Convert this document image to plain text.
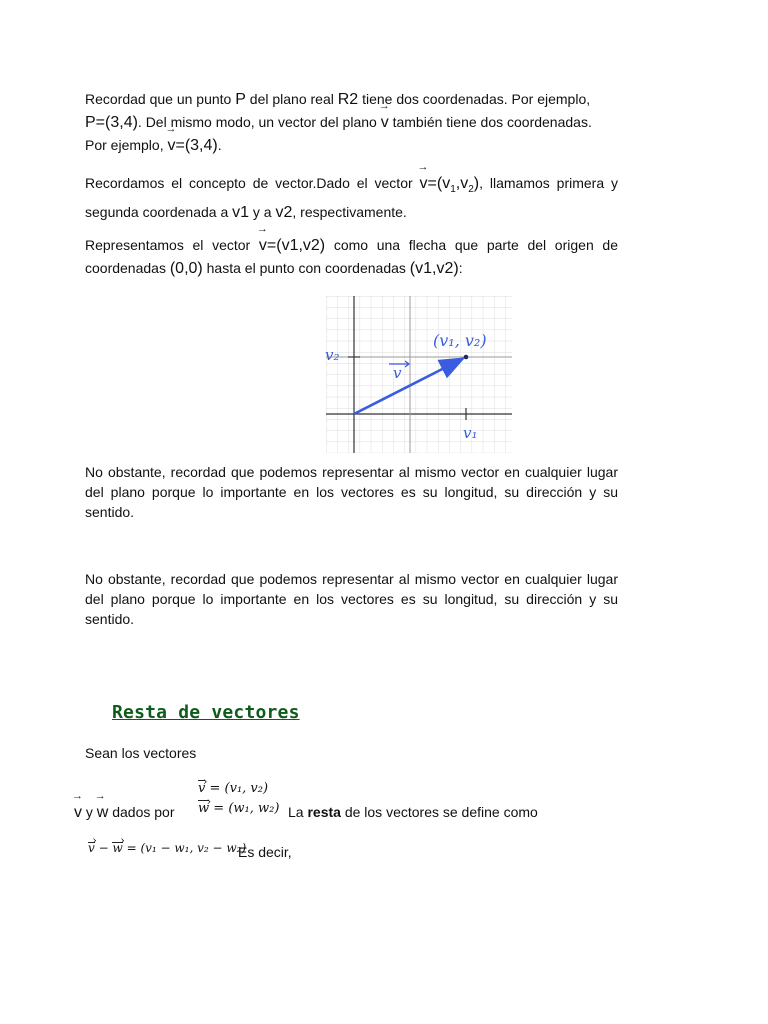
Recordad que un punto P del plano real R2 tiene dos coordenadas. Por ejemplo,
P=(3,4). Del mismo modo, un vector del plano → v también tiene dos coordenadas.
Por ejemplo, → v=(3,4).
Recordamos el concepto de vector.Dado el vector → $v=(v_1,v_2)$, llamamos primera y segunda coordenada a v1 y a v2, respectivamente.
Representamos el vector → v=(v1,v2) como una flecha que parte del origen de coordenadas (0,0) hasta el punto con coordenadas (v1,v2):
𝑣₂
𝑣₁
𝑣
(𝑣₁, 𝑣₂)
No obstante, recordad que podemos representar al mismo vector en cualquier lugar del plano porque lo importante en los vectores es su longitud, su dirección y su sentido.
No obstante, recordad que podemos representar al mismo vector en cualquier lugar del plano porque lo importante en los vectores es su longitud, su dirección y su sentido.
Resta de vectores
Sean los vectores
v › = (v₁, v₂)
w › = (w₁, w₂)
→ v y → w dados por	La resta de los vectores se define como
v › − w › = (v₁ − w₁, v₂ − w₂)
Es decir,
